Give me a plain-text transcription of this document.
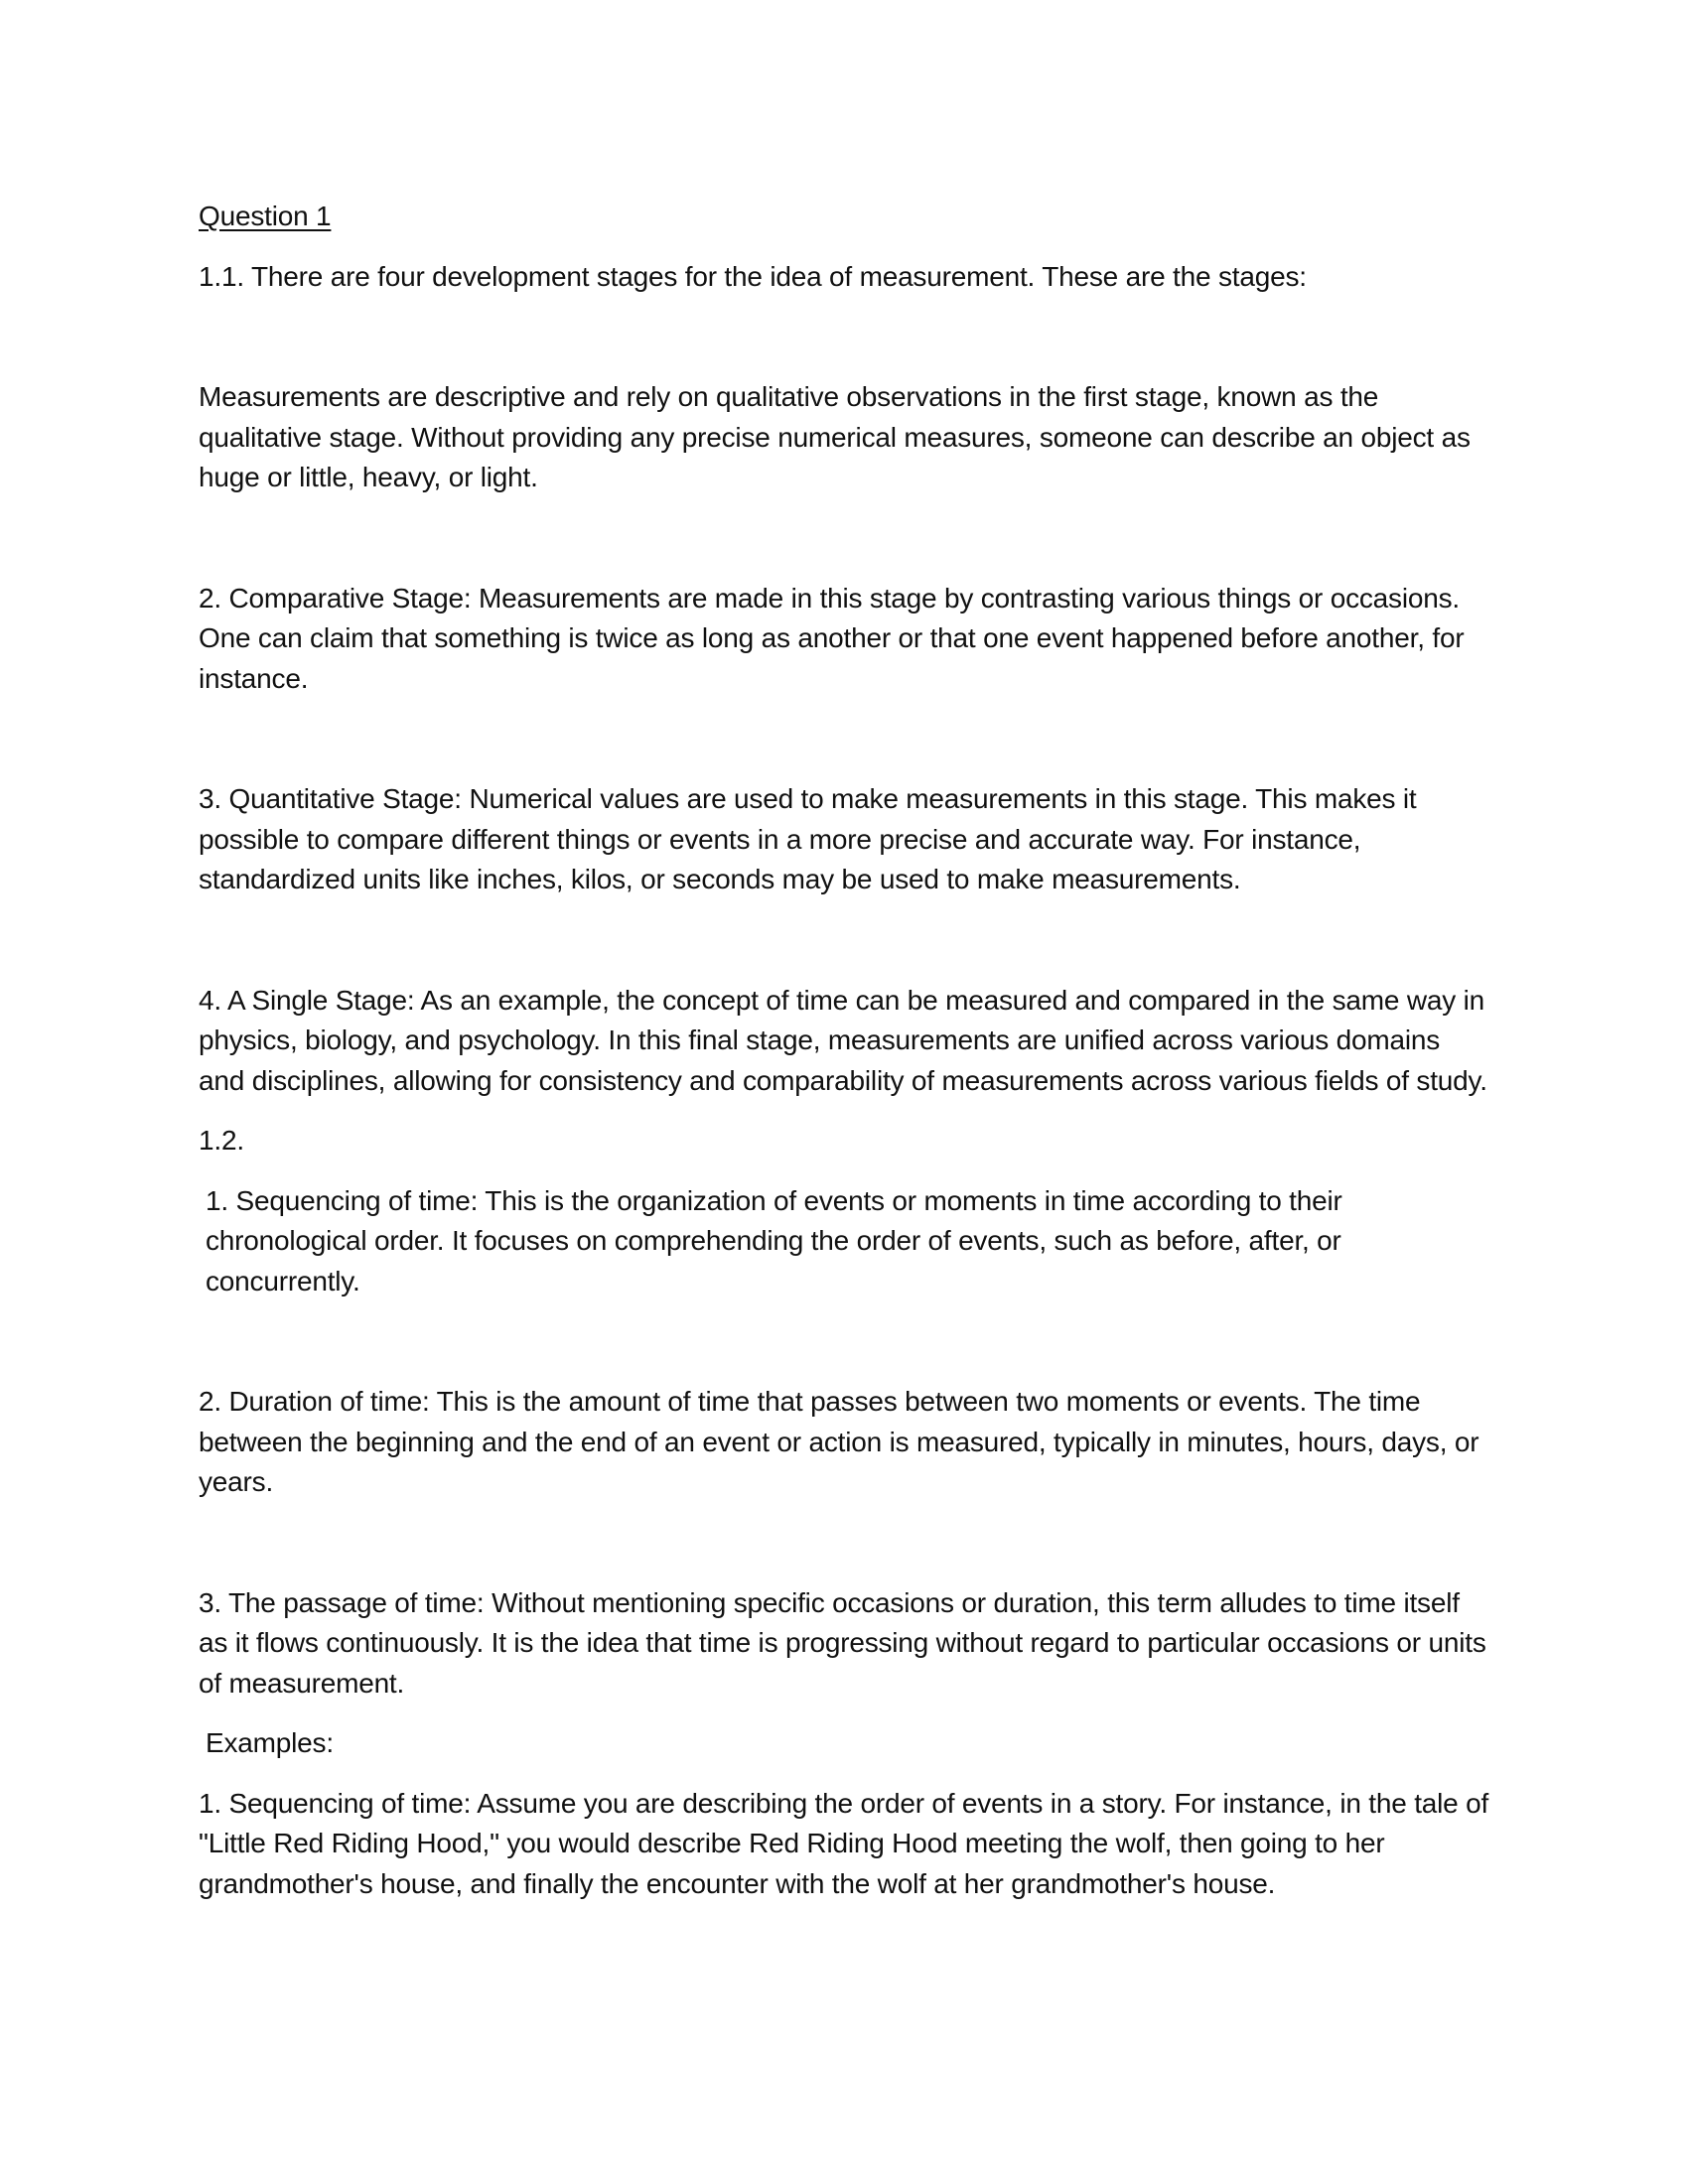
Question 1

1.1. There are four development stages for the idea of measurement. These are the stages:

Measurements are descriptive and rely on qualitative observations in the first stage, known as the qualitative stage. Without providing any precise numerical measures, someone can describe an object as huge or little, heavy, or light.

2. Comparative Stage: Measurements are made in this stage by contrasting various things or occasions. One can claim that something is twice as long as another or that one event happened before another, for instance.

3. Quantitative Stage: Numerical values are used to make measurements in this stage. This makes it possible to compare different things or events in a more precise and accurate way. For instance, standardized units like inches, kilos, or seconds may be used to make measurements.

4. A Single Stage: As an example, the concept of time can be measured and compared in the same way in physics, biology, and psychology. In this final stage, measurements are unified across various domains and disciplines, allowing for consistency and comparability of measurements across various fields of study.

1.2.

1. Sequencing of time: This is the organization of events or moments in time according to their chronological order. It focuses on comprehending the order of events, such as before, after, or concurrently.

2. Duration of time: This is the amount of time that passes between two moments or events. The time between the beginning and the end of an event or action is measured, typically in minutes, hours, days, or years.

3. The passage of time: Without mentioning specific occasions or duration, this term alludes to time itself as it flows continuously. It is the idea that time is progressing without regard to particular occasions or units of measurement.

Examples:

1. Sequencing of time: Assume you are describing the order of events in a story. For instance, in the tale of "Little Red Riding Hood," you would describe Red Riding Hood meeting the wolf, then going to her grandmother's house, and finally the encounter with the wolf at her grandmother's house.
